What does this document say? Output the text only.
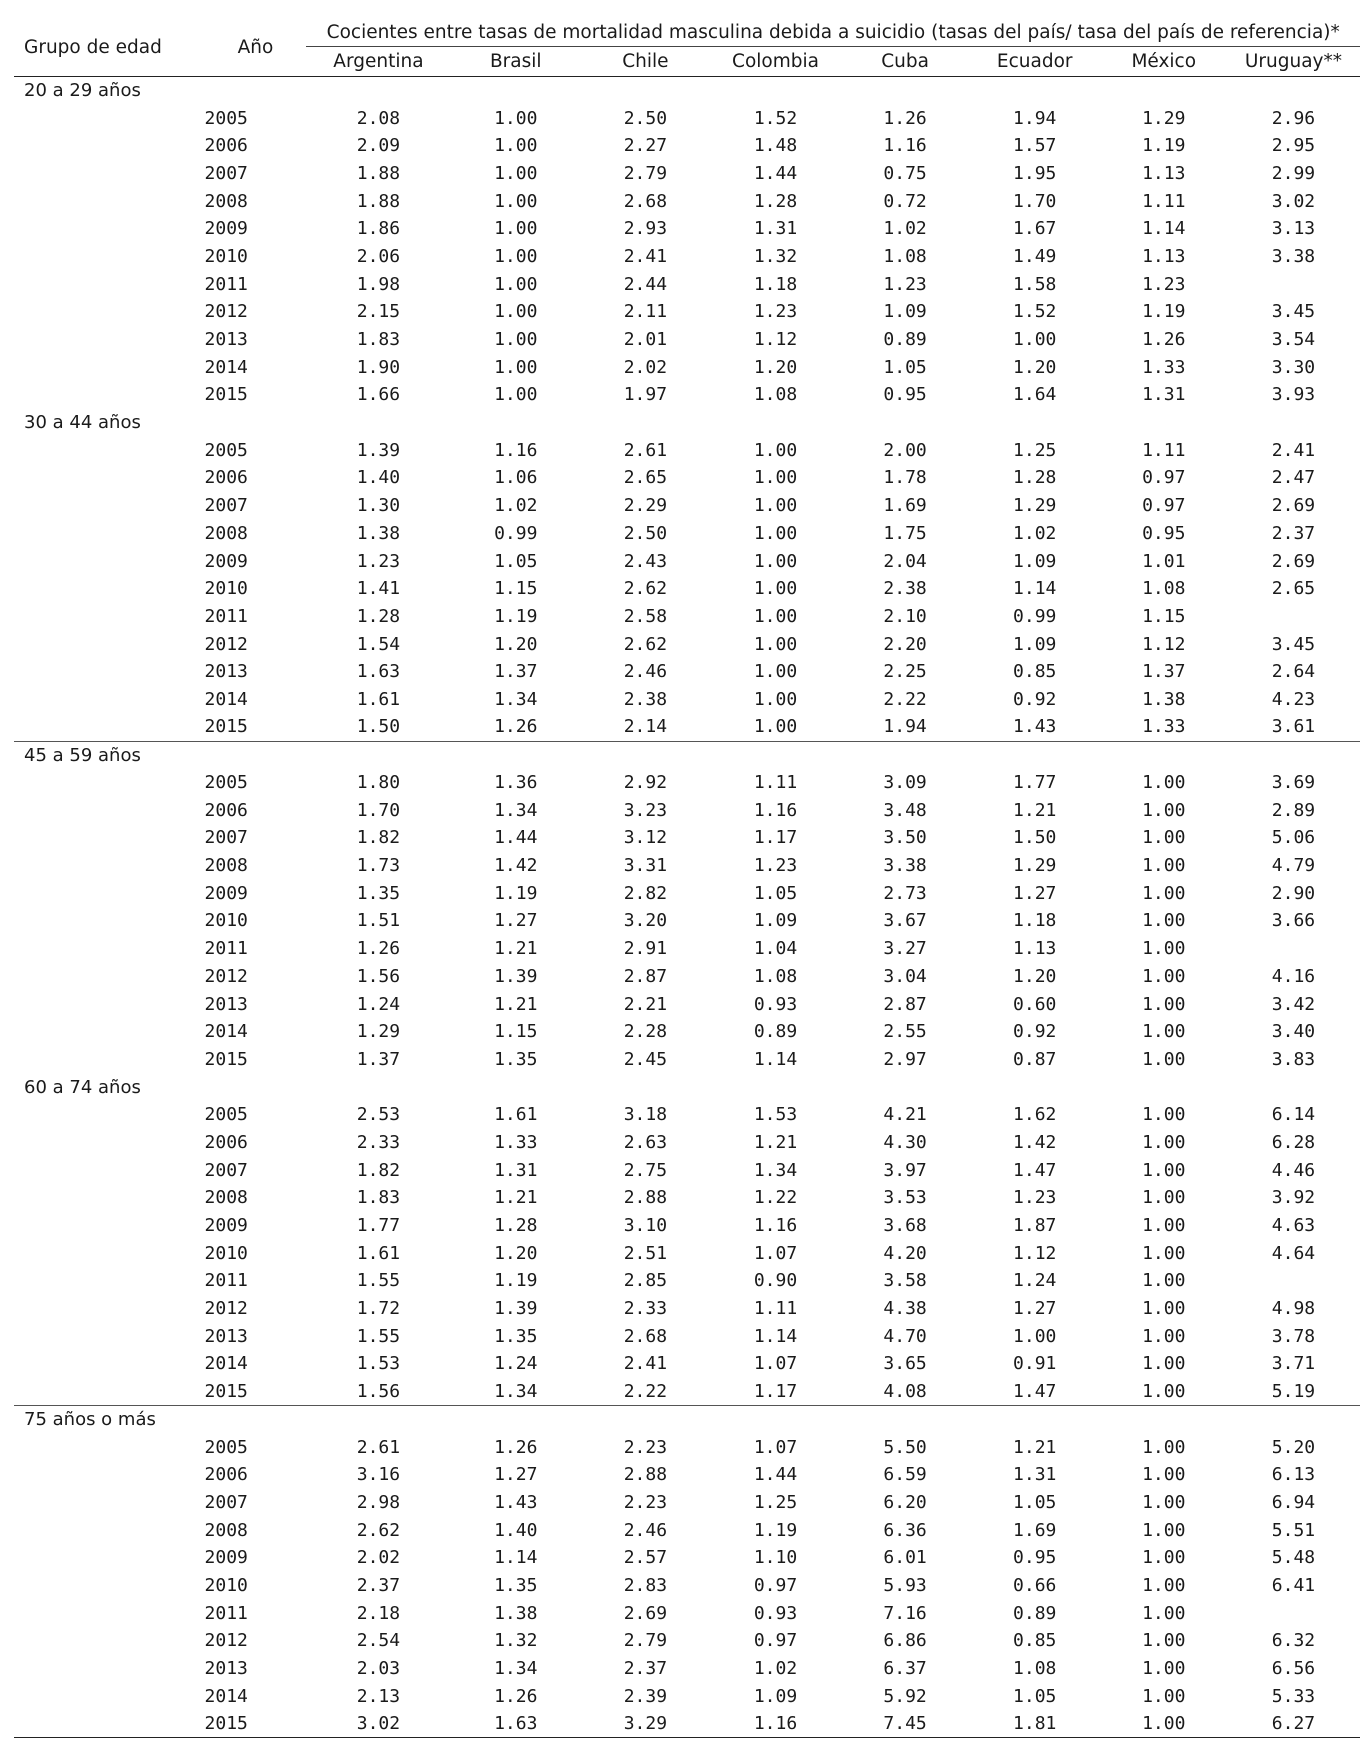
Grupo de edad	Año	Cocientes entre tasas de mortalidad masculina debida a suicidio (tasas del país/ tasa del país de referencia)*							
		Argentina	Brasil	Chile	Colombia	Cuba	Ecuador	México	Uruguay**
20 a 29 años									
	2005	2.08	1.00	2.50	1.52	1.26	1.94	1.29	2.96
	2006	2.09	1.00	2.27	1.48	1.16	1.57	1.19	2.95
	2007	1.88	1.00	2.79	1.44	0.75	1.95	1.13	2.99
	2008	1.88	1.00	2.68	1.28	0.72	1.70	1.11	3.02
	2009	1.86	1.00	2.93	1.31	1.02	1.67	1.14	3.13
	2010	2.06	1.00	2.41	1.32	1.08	1.49	1.13	3.38
	2011	1.98	1.00	2.44	1.18	1.23	1.58	1.23	
	2012	2.15	1.00	2.11	1.23	1.09	1.52	1.19	3.45
	2013	1.83	1.00	2.01	1.12	0.89	1.00	1.26	3.54
	2014	1.90	1.00	2.02	1.20	1.05	1.20	1.33	3.30
	2015	1.66	1.00	1.97	1.08	0.95	1.64	1.31	3.93
30 a 44 años									
	2005	1.39	1.16	2.61	1.00	2.00	1.25	1.11	2.41
	2006	1.40	1.06	2.65	1.00	1.78	1.28	0.97	2.47
	2007	1.30	1.02	2.29	1.00	1.69	1.29	0.97	2.69
	2008	1.38	0.99	2.50	1.00	1.75	1.02	0.95	2.37
	2009	1.23	1.05	2.43	1.00	2.04	1.09	1.01	2.69
	2010	1.41	1.15	2.62	1.00	2.38	1.14	1.08	2.65
	2011	1.28	1.19	2.58	1.00	2.10	0.99	1.15	
	2012	1.54	1.20	2.62	1.00	2.20	1.09	1.12	3.45
	2013	1.63	1.37	2.46	1.00	2.25	0.85	1.37	2.64
	2014	1.61	1.34	2.38	1.00	2.22	0.92	1.38	4.23
	2015	1.50	1.26	2.14	1.00	1.94	1.43	1.33	3.61
45 a 59 años									
	2005	1.80	1.36	2.92	1.11	3.09	1.77	1.00	3.69
	2006	1.70	1.34	3.23	1.16	3.48	1.21	1.00	2.89
	2007	1.82	1.44	3.12	1.17	3.50	1.50	1.00	5.06
	2008	1.73	1.42	3.31	1.23	3.38	1.29	1.00	4.79
	2009	1.35	1.19	2.82	1.05	2.73	1.27	1.00	2.90
	2010	1.51	1.27	3.20	1.09	3.67	1.18	1.00	3.66
	2011	1.26	1.21	2.91	1.04	3.27	1.13	1.00	
	2012	1.56	1.39	2.87	1.08	3.04	1.20	1.00	4.16
	2013	1.24	1.21	2.21	0.93	2.87	0.60	1.00	3.42
	2014	1.29	1.15	2.28	0.89	2.55	0.92	1.00	3.40
	2015	1.37	1.35	2.45	1.14	2.97	0.87	1.00	3.83
60 a 74 años									
	2005	2.53	1.61	3.18	1.53	4.21	1.62	1.00	6.14
	2006	2.33	1.33	2.63	1.21	4.30	1.42	1.00	6.28
	2007	1.82	1.31	2.75	1.34	3.97	1.47	1.00	4.46
	2008	1.83	1.21	2.88	1.22	3.53	1.23	1.00	3.92
	2009	1.77	1.28	3.10	1.16	3.68	1.87	1.00	4.63
	2010	1.61	1.20	2.51	1.07	4.20	1.12	1.00	4.64
	2011	1.55	1.19	2.85	0.90	3.58	1.24	1.00	
	2012	1.72	1.39	2.33	1.11	4.38	1.27	1.00	4.98
	2013	1.55	1.35	2.68	1.14	4.70	1.00	1.00	3.78
	2014	1.53	1.24	2.41	1.07	3.65	0.91	1.00	3.71
	2015	1.56	1.34	2.22	1.17	4.08	1.47	1.00	5.19
75 años o más									
	2005	2.61	1.26	2.23	1.07	5.50	1.21	1.00	5.20
	2006	3.16	1.27	2.88	1.44	6.59	1.31	1.00	6.13
	2007	2.98	1.43	2.23	1.25	6.20	1.05	1.00	6.94
	2008	2.62	1.40	2.46	1.19	6.36	1.69	1.00	5.51
	2009	2.02	1.14	2.57	1.10	6.01	0.95	1.00	5.48
	2010	2.37	1.35	2.83	0.97	5.93	0.66	1.00	6.41
	2011	2.18	1.38	2.69	0.93	7.16	0.89	1.00	
	2012	2.54	1.32	2.79	0.97	6.86	0.85	1.00	6.32
	2013	2.03	1.34	2.37	1.02	6.37	1.08	1.00	6.56
	2014	2.13	1.26	2.39	1.09	5.92	1.05	1.00	5.33
	2015	3.02	1.63	3.29	1.16	7.45	1.81	1.00	6.27
